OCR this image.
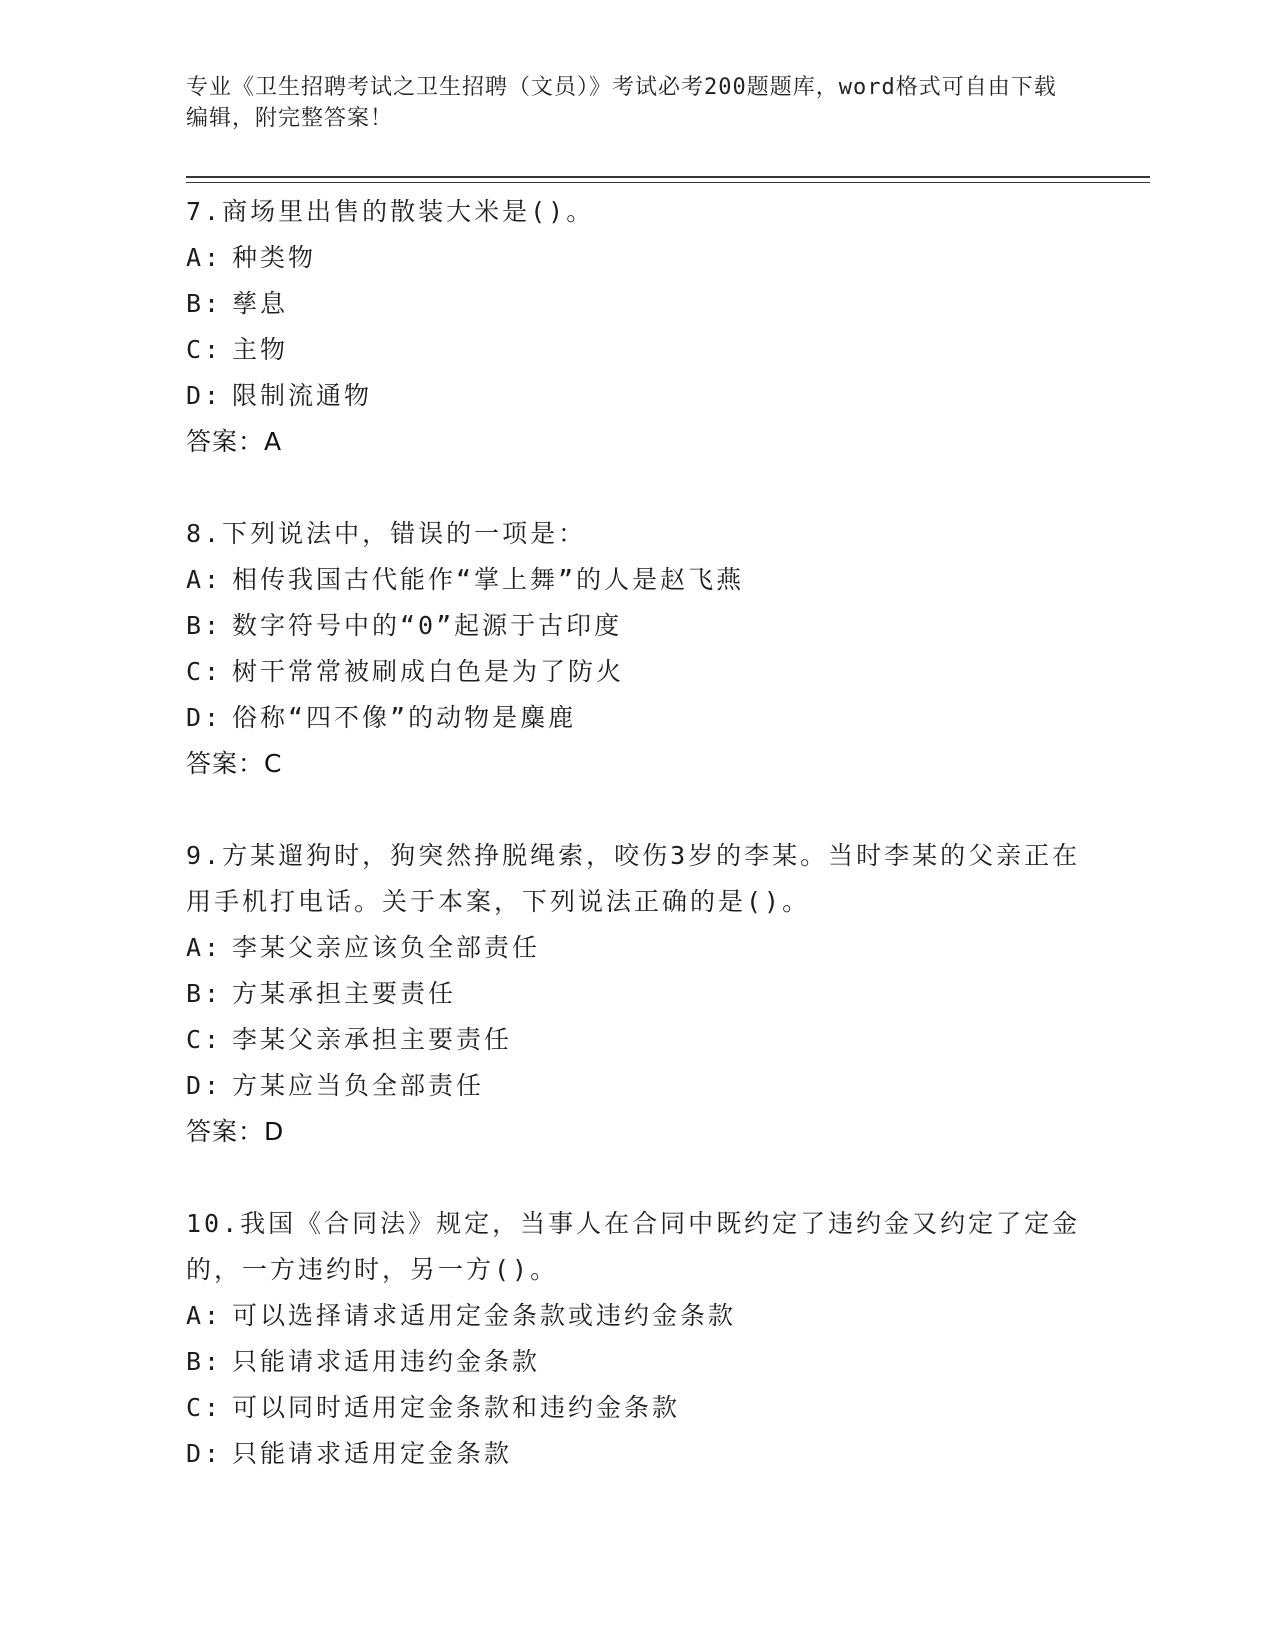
专业《卫生招聘考试之卫生招聘（文员）》考试必考200题题库，word格式可自由下载编辑，附完整答案！
7.商场里出售的散装大米是()。
A: 种类物
B: 孳息
C: 主物
D: 限制流通物
答案：A
8.下列说法中，错误的一项是：
A: 相传我国古代能作“掌上舞”的人是赵飞燕
B: 数字符号中的“0”起源于古印度
C: 树干常常被刷成白色是为了防火
D: 俗称“四不像”的动物是麋鹿
答案：C
9.方某遛狗时，狗突然挣脱绳索，咬伤3岁的李某。当时李某的父亲正在用手机打电话。关于本案，下列说法正确的是()。
A: 李某父亲应该负全部责任
B: 方某承担主要责任
C: 李某父亲承担主要责任
D: 方某应当负全部责任
答案：D
10.我国《合同法》规定，当事人在合同中既约定了违约金又约定了定金的，一方违约时，另一方()。
A: 可以选择请求适用定金条款或违约金条款
B: 只能请求适用违约金条款
C: 可以同时适用定金条款和违约金条款
D: 只能请求适用定金条款
